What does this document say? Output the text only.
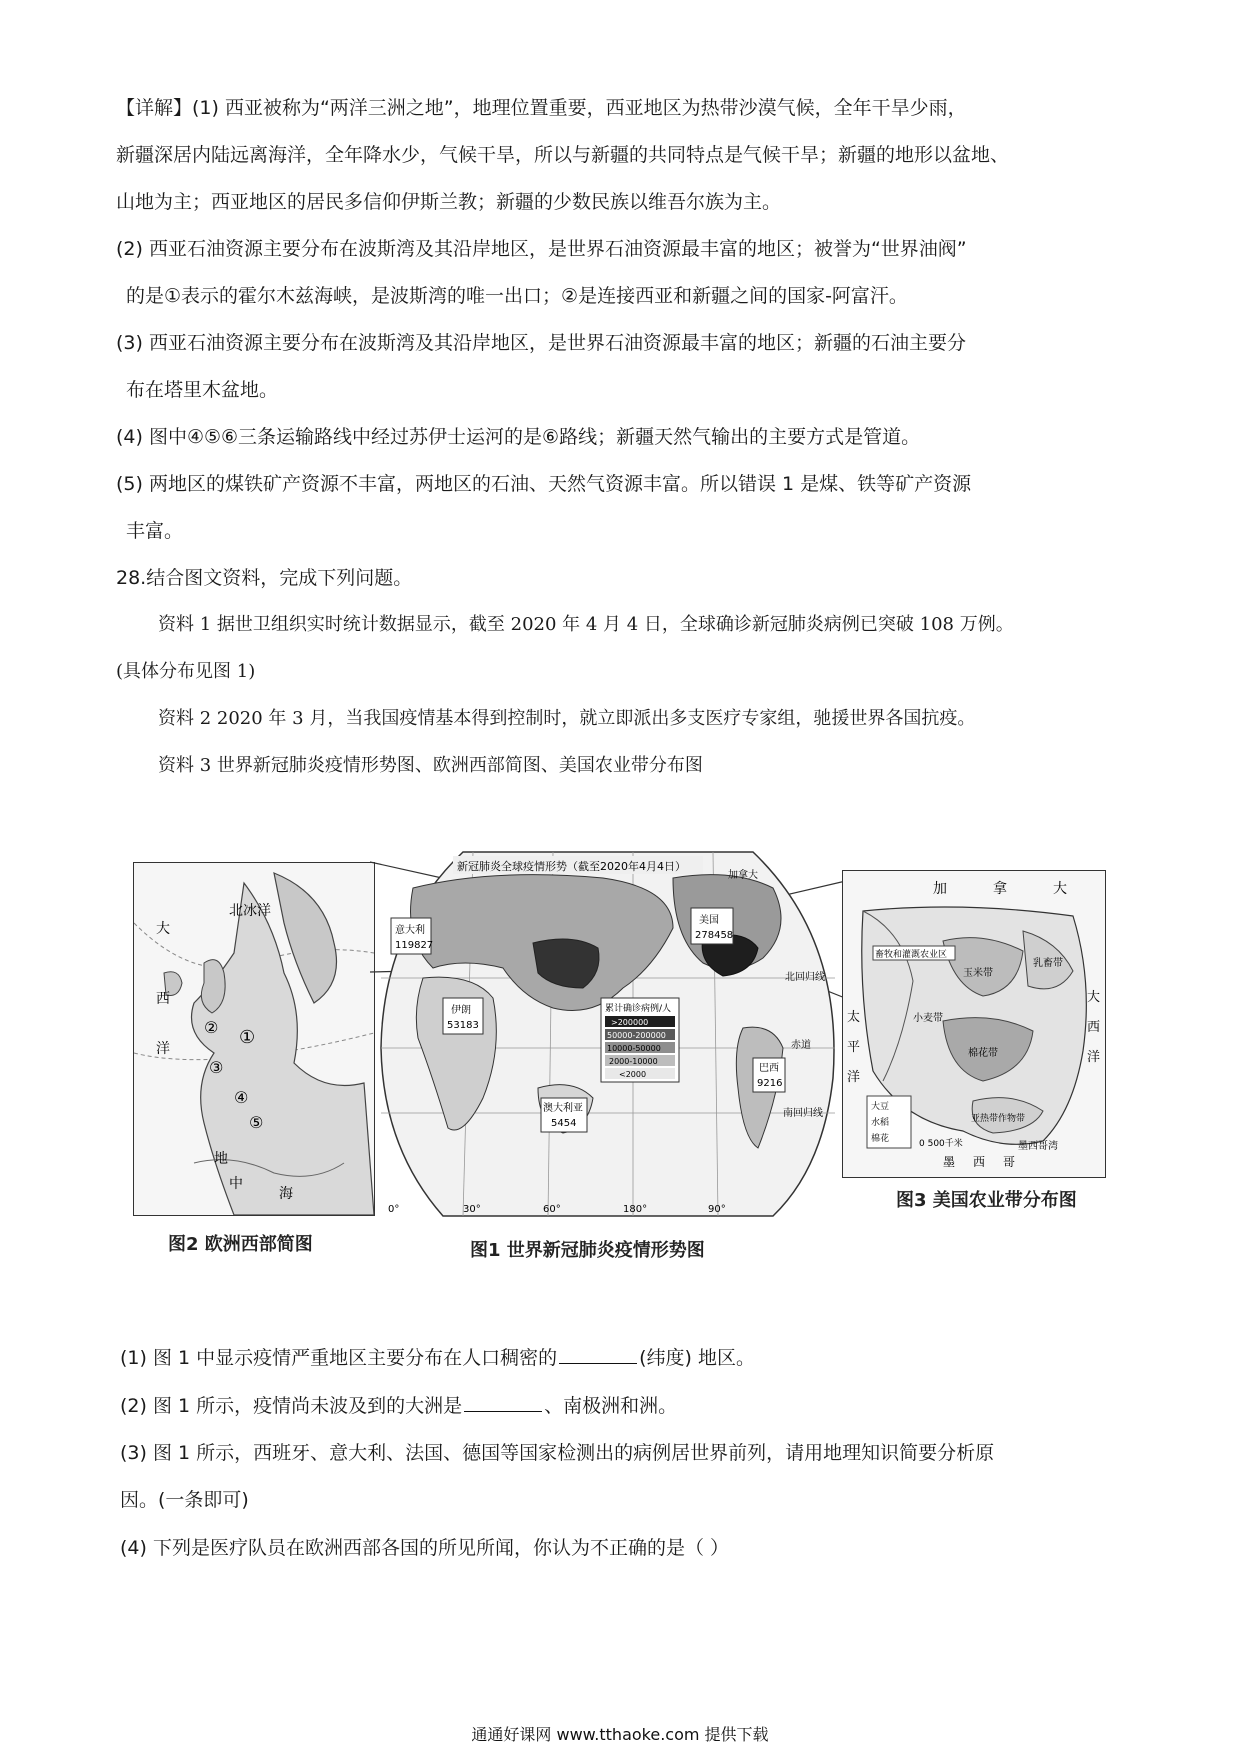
【详解】(1) 西亚被称为“两洋三洲之地”，地理位置重要，西亚地区为热带沙漠气候，全年干旱少雨，
新疆深居内陆远离海洋，全年降水少，气候干旱，所以与新疆的共同特点是气候干旱；新疆的地形以盆地、
山地为主；西亚地区的居民多信仰伊斯兰教；新疆的少数民族以维吾尔族为主。
(2) 西亚石油资源主要分布在波斯湾及其沿岸地区，是世界石油资源最丰富的地区；被誉为“世界油阀”
的是①表示的霍尔木兹海峡，是波斯湾的唯一出口；②是连接西亚和新疆之间的国家-阿富汗。
(3) 西亚石油资源主要分布在波斯湾及其沿岸地区，是世界石油资源最丰富的地区；新疆的石油主要分
布在塔里木盆地。
(4) 图中④⑤⑥三条运输路线中经过苏伊士运河的是⑥路线；新疆天然气输出的主要方式是管道。
(5) 两地区的煤铁矿产资源不丰富，两地区的石油、天然气资源丰富。所以错误 1 是煤、铁等矿产资源
丰富。
28.结合图文资料，完成下列问题。
资料 1 据世卫组织实时统计数据显示，截至 2020 年 4 月 4 日，全球确诊新冠肺炎病例已突破 108 万例。
(具体分布见图 1)
资料 2 2020 年 3 月，当我国疫情基本得到控制时，就立即派出多支医疗专家组，驰援世界各国抗疫。
资料 3 世界新冠肺炎疫情形势图、欧洲西部简图、美国农业带分布图
北冰洋
大
西
洋
地
中
海
①
②
③
④
⑤
图2 欧洲西部简图
新冠肺炎全球疫情形势（截至2020年4月4日）
意大利
119827
伊朗
53183
美国
278458
加拿大
澳大利亚
5454
巴西
9216
北回归线
赤道
南回归线
累计确诊病例/人
>200000
50000-200000
10000-50000
2000-10000
<2000
30°	60°	180°	90°
0°
图1 世界新冠肺炎疫情形势图
加	拿	大
畜牧和灌溉农业区
玉米带
乳畜带
小麦带
棉花带
亚热带作物带
太
平
洋
大
西
洋
墨 西 哥
墨西哥湾
大豆
水稻
棉花	0 500千米
图3 美国农业带分布图
(1) 图 1 中显示疫情严重地区主要分布在人口稠密的	(纬度) 地区。
(2) 图 1 所示，疫情尚未波及到的大洲是	、南极洲和洲。
(3) 图 1 所示，西班牙、意大利、法国、德国等国家检测出的病例居世界前列，请用地理知识简要分析原
因。(一条即可)
(4) 下列是医疗队员在欧洲西部各国的所见所闻，你认为不正确的是（ ）
通通好课网 www.tthaoke.com 提供下载
